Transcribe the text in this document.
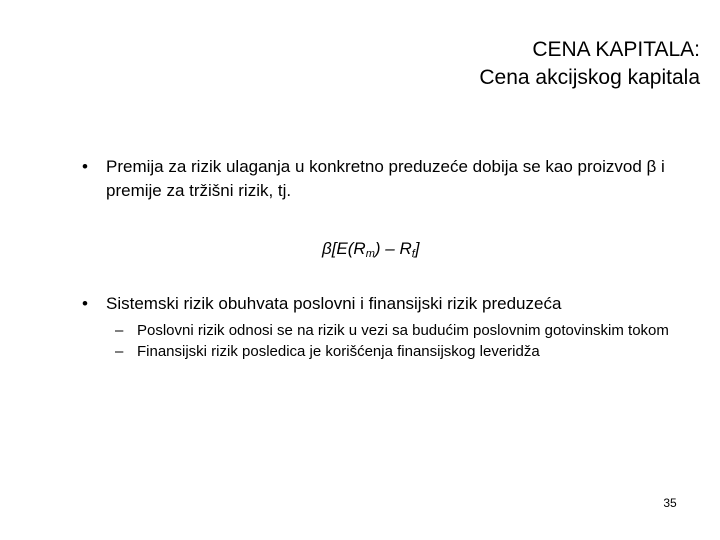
CENA KAPITALA:
Cena akcijskog kapitala
• Premija za rizik ulaganja u konkretno preduzeće dobija se kao proizvod β i premije za tržišni rizik, tj.
$\beta[E(R_m) - R_f]$
• Sistemski rizik obuhvata poslovni i finansijski rizik preduzeća
– Poslovni rizik odnosi se na rizik u vezi sa budućim poslovnim gotovinskim tokom
– Finansijski rizik posledica je korišćenja finansijskog leveridža
35
